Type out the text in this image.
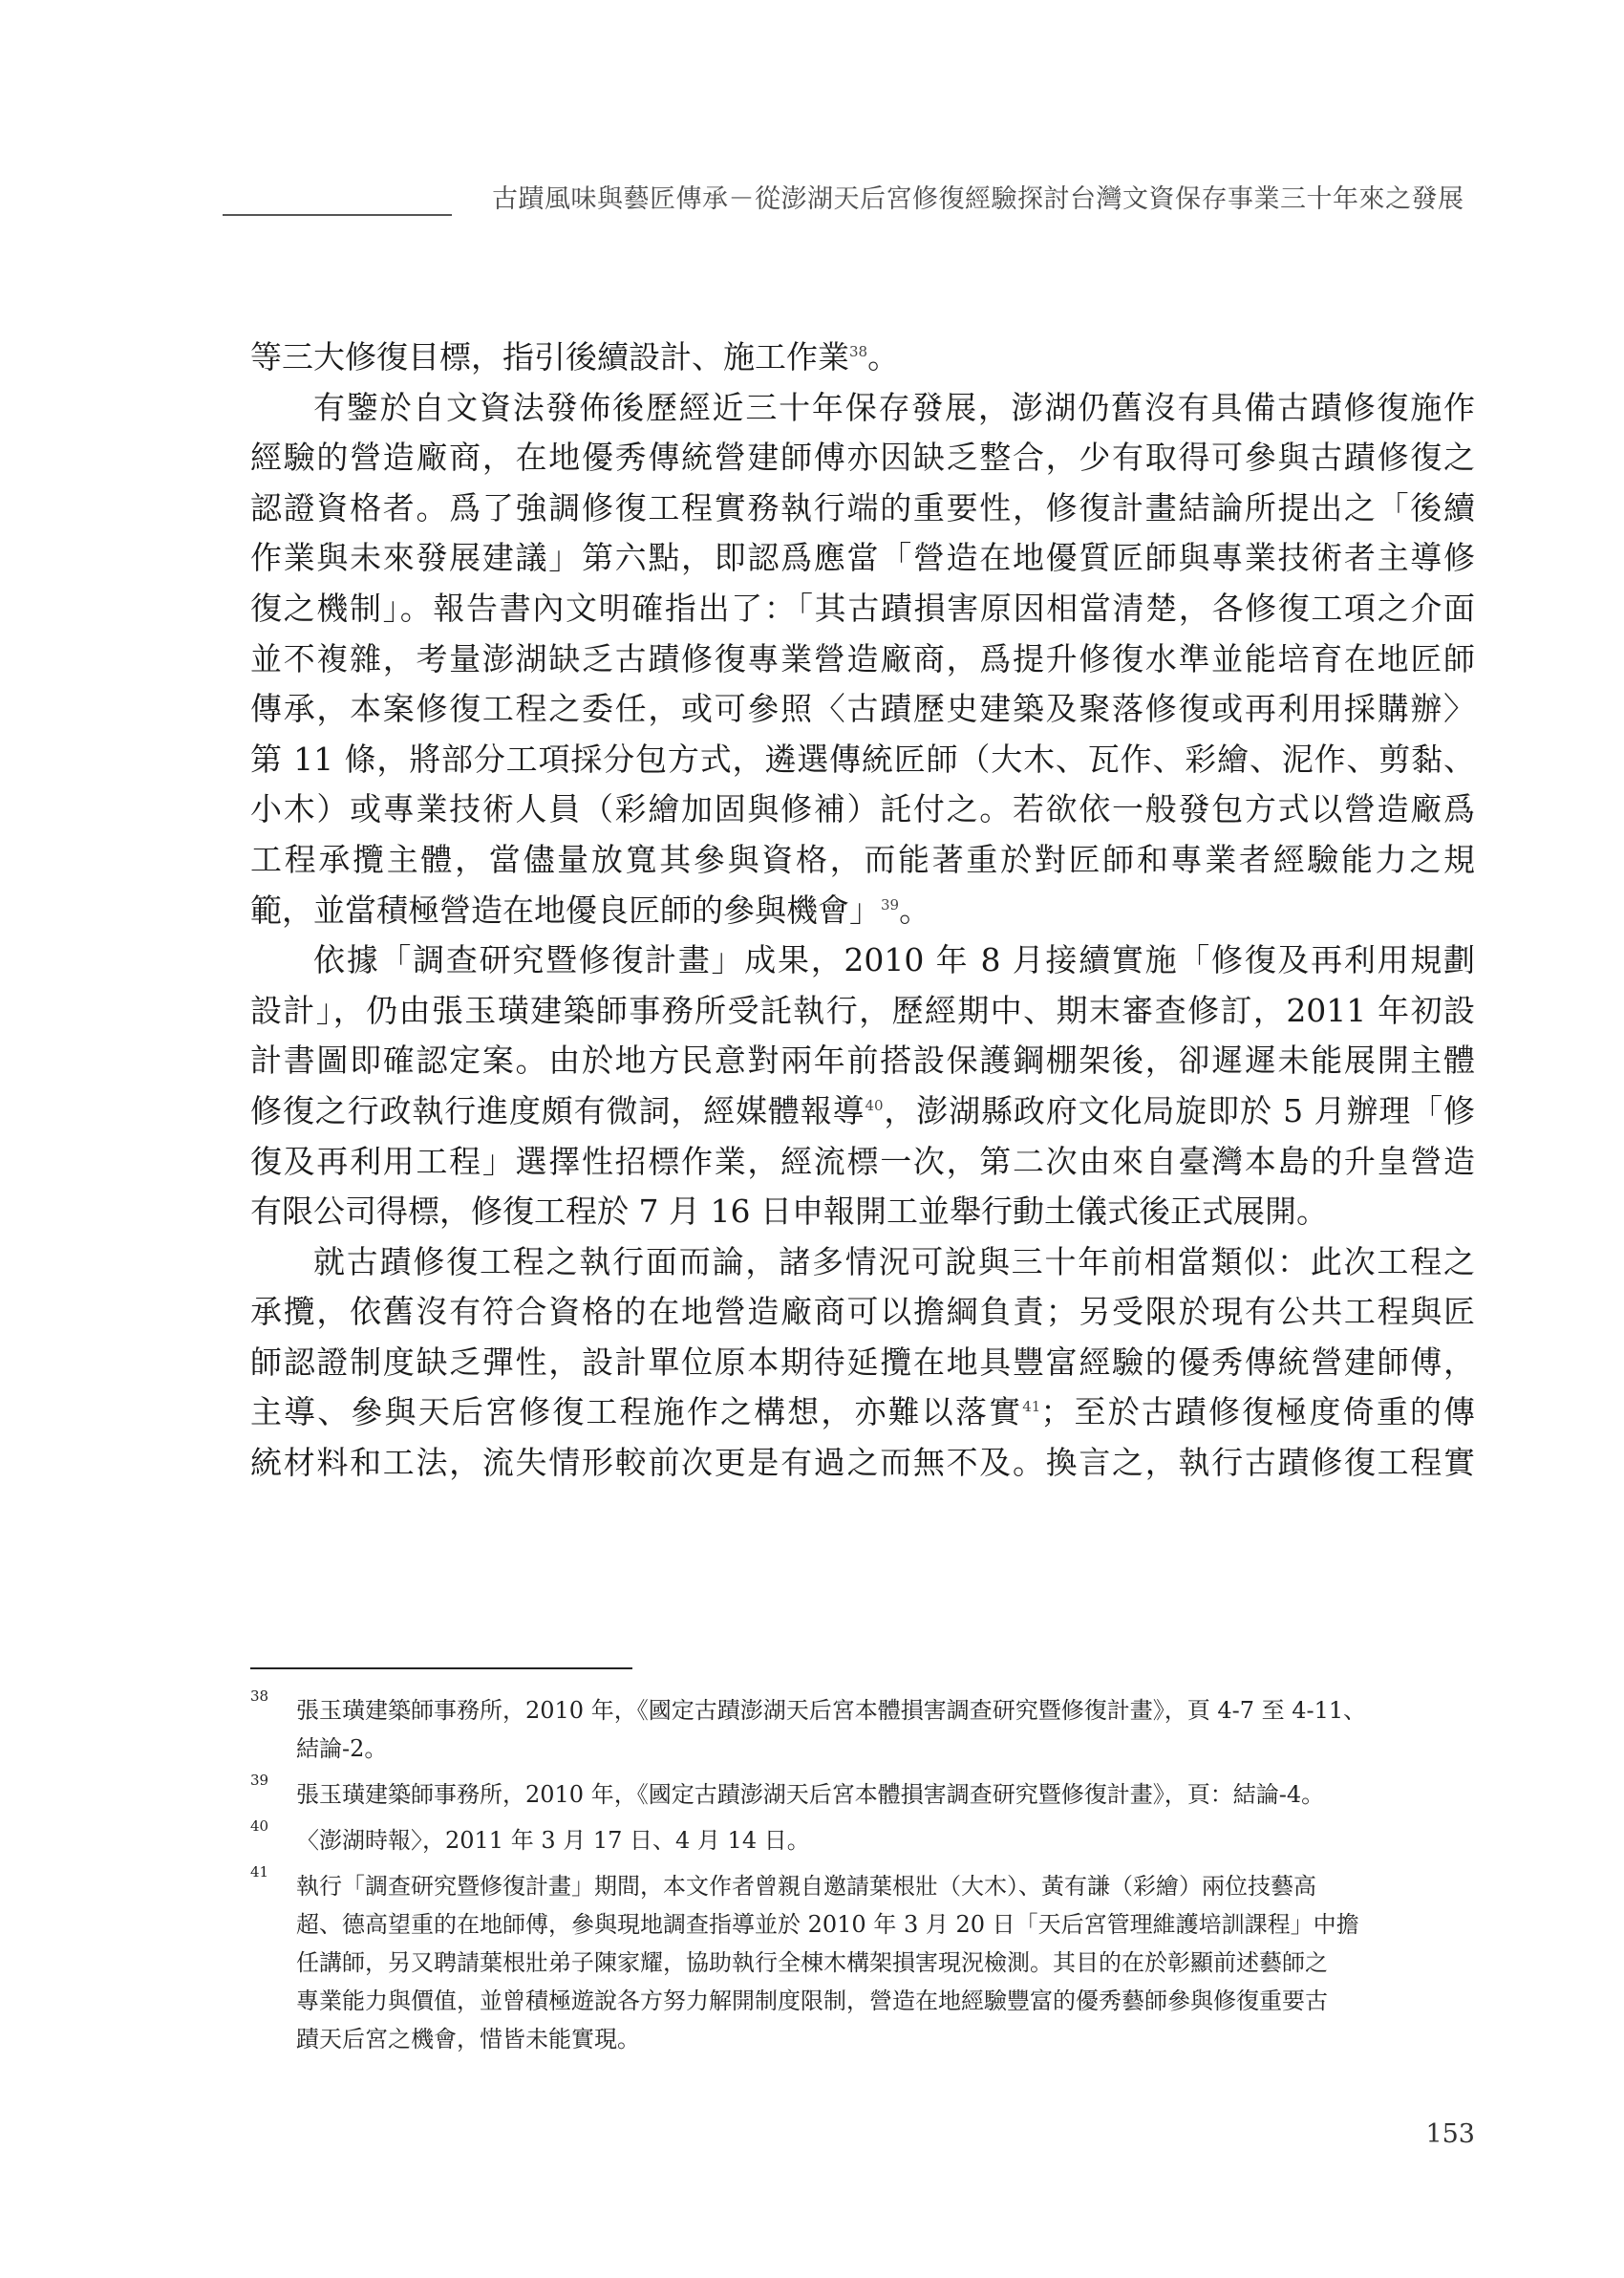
古蹟風味與藝匠傳承－從澎湖天后宮修復經驗探討台灣文資保存事業三十年來之發展
等三大修復目標，指引後續設計、施工作業$^{38}$。
有鑒於自文資法發佈後歷經近三十年保存發展，澎湖仍舊沒有具備古蹟修復施作
經驗的營造廠商，在地優秀傳統營建師傅亦因缺乏整合，少有取得可參與古蹟修復之
認證資格者。爲了強調修復工程實務執行端的重要性，修復計畫結論所提出之「後續
作業與未來發展建議」第六點，即認爲應當「營造在地優質匠師與專業技術者主導修
復之機制」。報告書內文明確指出了：「其古蹟損害原因相當清楚，各修復工項之介面
並不複雜，考量澎湖缺乏古蹟修復專業營造廠商，爲提升修復水準並能培育在地匠師
傳承，本案修復工程之委任，或可參照〈古蹟歷史建築及聚落修復或再利用採購辦〉
第 11 條，將部分工項採分包方式，遴選傳統匠師（大木、瓦作、彩繪、泥作、剪黏、
小木）或專業技術人員（彩繪加固與修補）託付之。若欲依一般發包方式以營造廠爲
工程承攬主體，當儘量放寬其參與資格，而能著重於對匠師和專業者經驗能力之規
範，並當積極營造在地優良匠師的參與機會」$^{39}$。
依據「調查研究暨修復計畫」成果，2010 年 8 月接續實施「修復及再利用規劃
設計」，仍由張玉璜建築師事務所受託執行，歷經期中、期末審查修訂，2011 年初設
計書圖即確認定案。由於地方民意對兩年前搭設保護鋼棚架後，卻遲遲未能展開主體
修復之行政執行進度頗有微詞，經媒體報導$^{40}$，澎湖縣政府文化局旋即於 5 月辦理「修
復及再利用工程」選擇性招標作業，經流標一次，第二次由來自臺灣本島的升皇營造
有限公司得標，修復工程於 7 月 16 日申報開工並舉行動土儀式後正式展開。
就古蹟修復工程之執行面而論，諸多情況可說與三十年前相當類似：此次工程之
承攬，依舊沒有符合資格的在地營造廠商可以擔綱負責；另受限於現有公共工程與匠
師認證制度缺乏彈性，設計單位原本期待延攬在地具豐富經驗的優秀傳統營建師傅，
主導、參與天后宮修復工程施作之構想，亦難以落實$^{41}$；至於古蹟修復極度倚重的傳
統材料和工法，流失情形較前次更是有過之而無不及。換言之，執行古蹟修復工程實
38
張玉璜建築師事務所，2010 年，《國定古蹟澎湖天后宮本體損害調查研究暨修復計畫》，頁 4-7 至 4-11、
結論-2。
39
張玉璜建築師事務所，2010 年，《國定古蹟澎湖天后宮本體損害調查研究暨修復計畫》，頁：結論-4。
40
〈澎湖時報〉，2011 年 3 月 17 日、4 月 14 日。
41
執行「調查研究暨修復計畫」期間，本文作者曾親自邀請葉根壯（大木）、黃有謙（彩繪）兩位技藝高
超、德高望重的在地師傅，參與現地調查指導並於 2010 年 3 月 20 日「天后宮管理維護培訓課程」中擔
任講師，另又聘請葉根壯弟子陳家耀，協助執行全棟木構架損害現況檢測。其目的在於彰顯前述藝師之
專業能力與價值，並曾積極遊說各方努力解開制度限制，營造在地經驗豐富的優秀藝師參與修復重要古
蹟天后宮之機會，惜皆未能實現。
153
